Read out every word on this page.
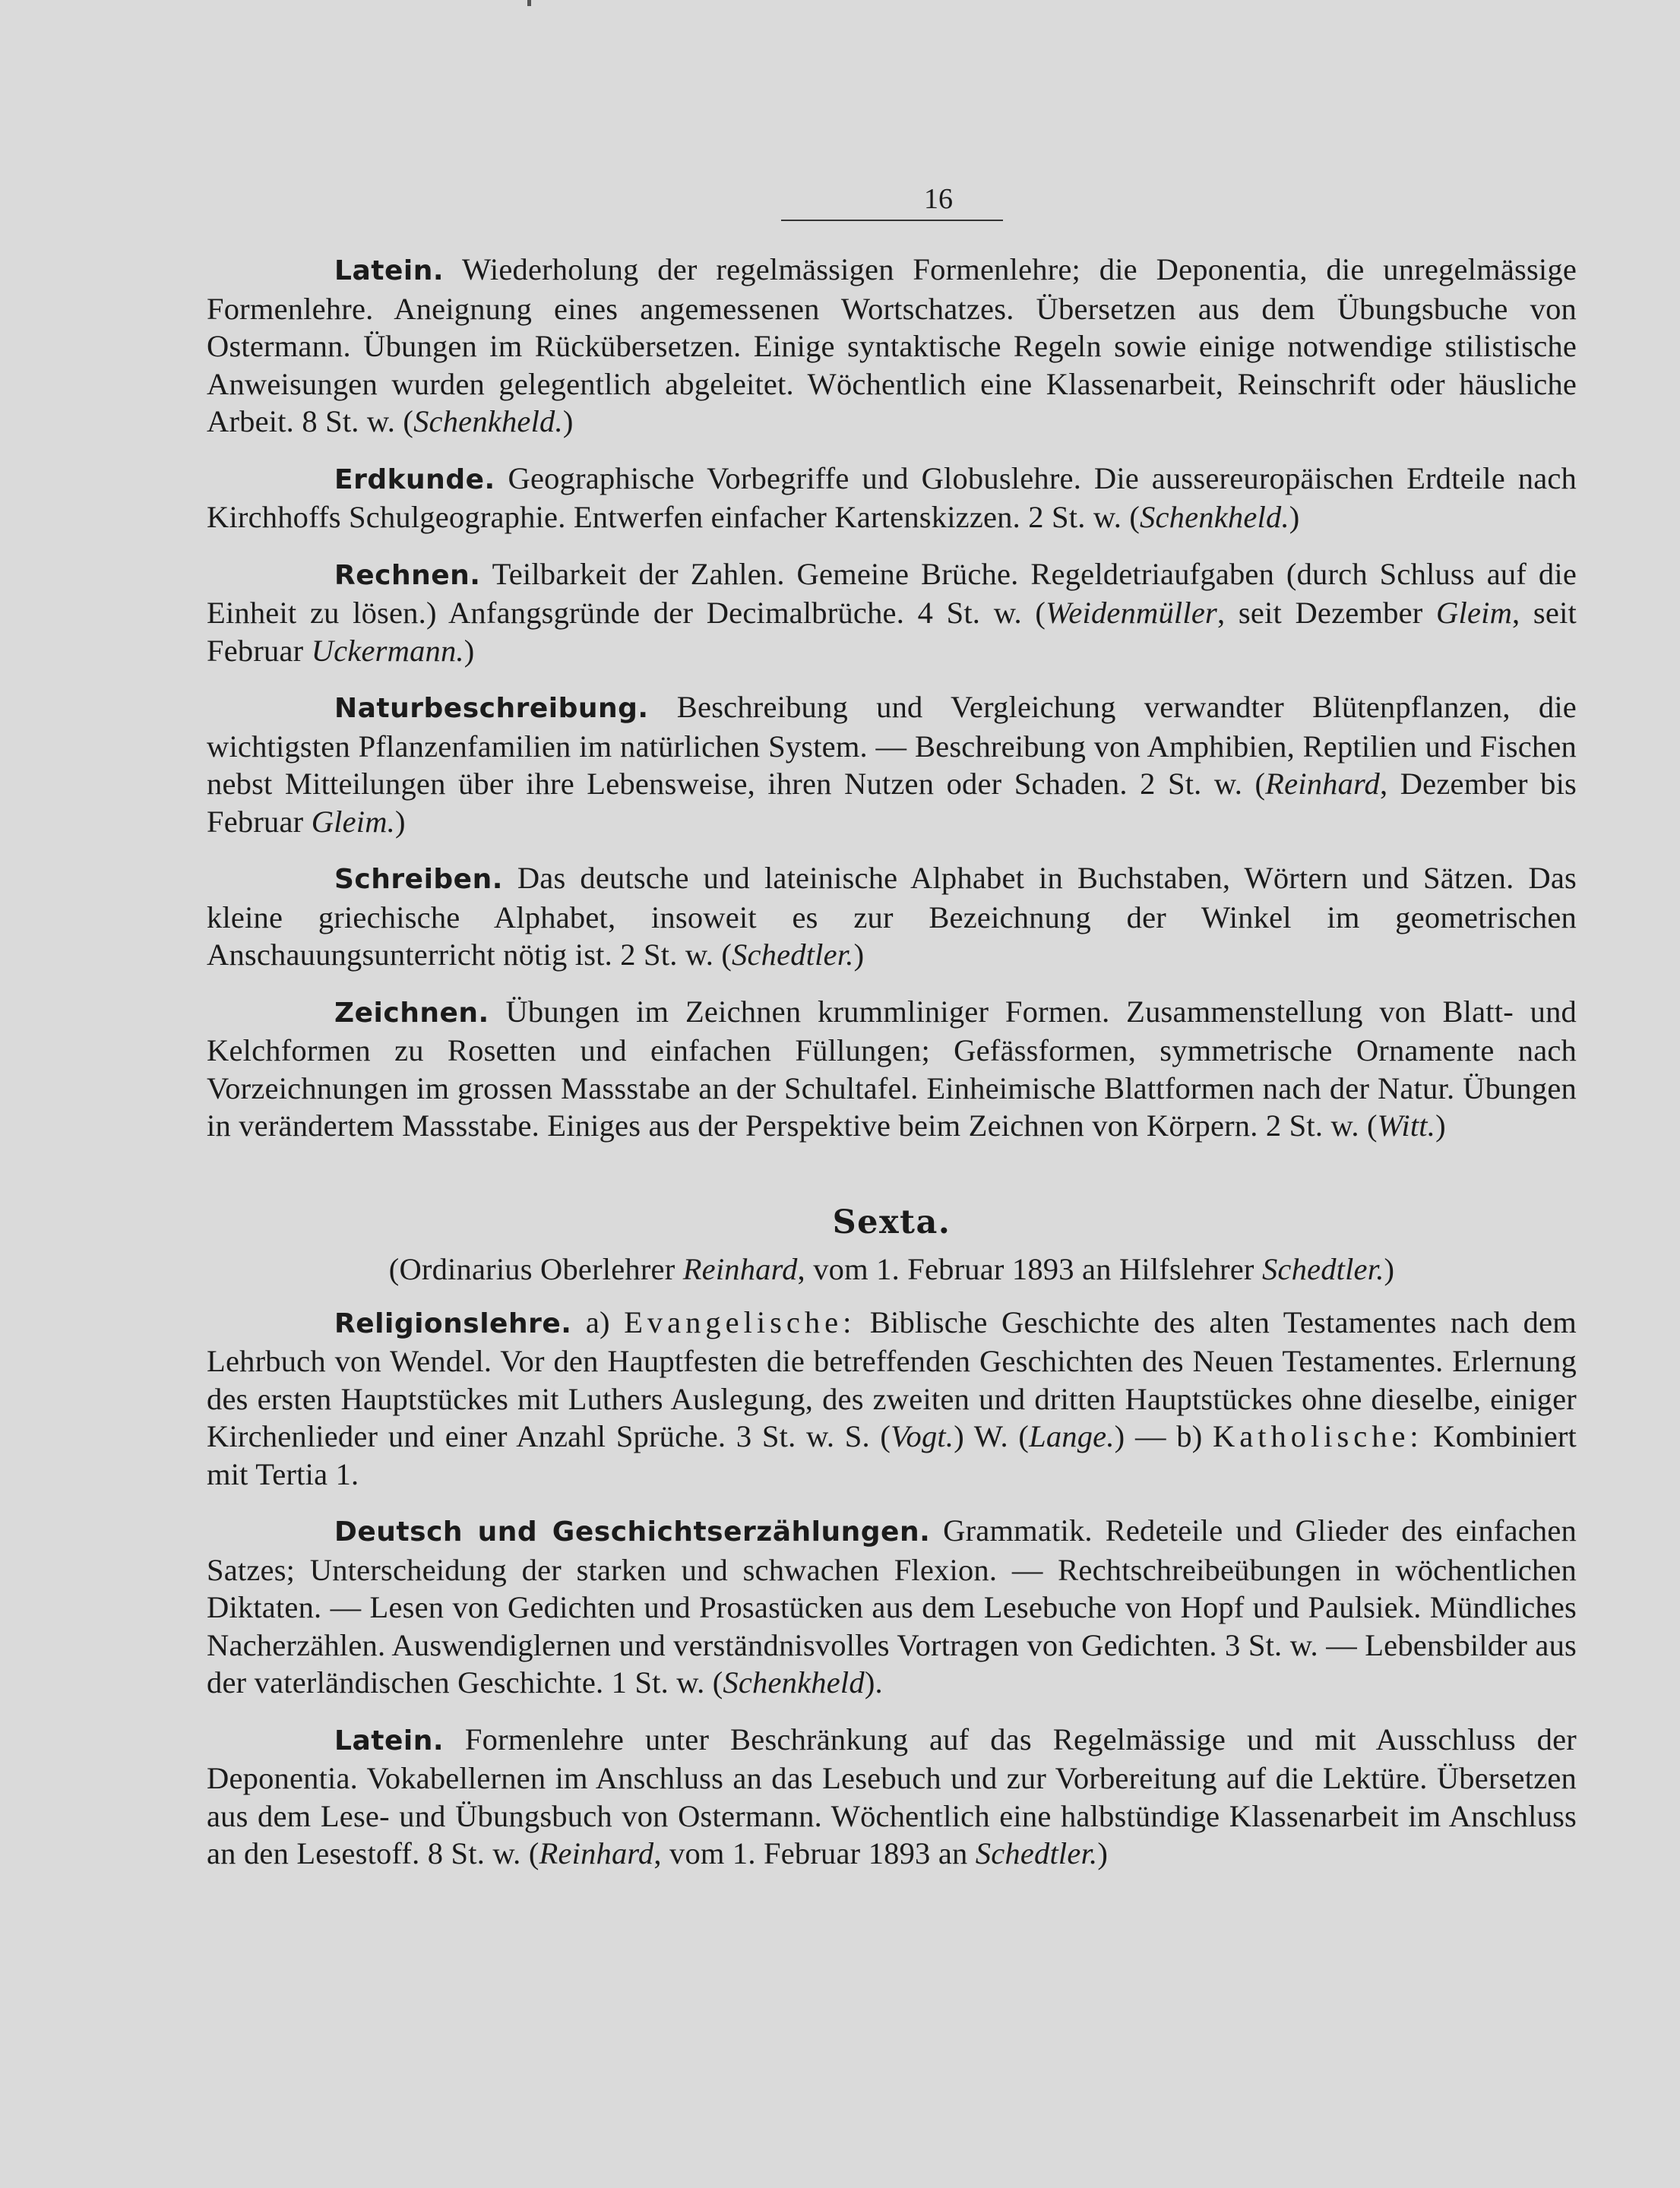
16

Latein. Wiederholung der regelmässigen Formenlehre; die Deponentia, die unregelmässige Formenlehre. Aneignung eines angemessenen Wortschatzes. Übersetzen aus dem Übungsbuche von Ostermann. Übungen im Rückübersetzen. Einige syntaktische Regeln sowie einige notwendige stilistische Anweisungen wurden gelegentlich abgeleitet. Wöchentlich eine Klassenarbeit, Reinschrift oder häusliche Arbeit. 8 St. w. (Schenkheld.)

Erdkunde. Geographische Vorbegriffe und Globuslehre. Die aussereuropäischen Erdteile nach Kirchhoffs Schulgeographie. Entwerfen einfacher Kartenskizzen. 2 St. w. (Schenkheld.)

Rechnen. Teilbarkeit der Zahlen. Gemeine Brüche. Regeldetriaufgaben (durch Schluss auf die Einheit zu lösen.) Anfangsgründe der Decimalbrüche. 4 St. w. (Weidenmüller, seit Dezember Gleim, seit Februar Uckermann.)

Naturbeschreibung. Beschreibung und Vergleichung verwandter Blütenpflanzen, die wichtigsten Pflanzenfamilien im natürlichen System. — Beschreibung von Amphibien, Reptilien und Fischen nebst Mitteilungen über ihre Lebensweise, ihren Nutzen oder Schaden. 2 St. w. (Reinhard, Dezember bis Februar Gleim.)

Schreiben. Das deutsche und lateinische Alphabet in Buchstaben, Wörtern und Sätzen. Das kleine griechische Alphabet, insoweit es zur Bezeichnung der Winkel im geometrischen Anschauungsunterricht nötig ist. 2 St. w. (Schedtler.)

Zeichnen. Übungen im Zeichnen krummliniger Formen. Zusammenstellung von Blatt- und Kelchformen zu Rosetten und einfachen Füllungen; Gefässformen, symmetrische Ornamente nach Vorzeichnungen im grossen Massstabe an der Schultafel. Einheimische Blattformen nach der Natur. Übungen in verändertem Massstabe. Einiges aus der Perspektive beim Zeichnen von Körpern. 2 St. w. (Witt.)

Sexta.

(Ordinarius Oberlehrer Reinhard, vom 1. Februar 1893 an Hilfslehrer Schedtler.)

Religionslehre. a) Evangelische: Biblische Geschichte des alten Testamentes nach dem Lehrbuch von Wendel. Vor den Hauptfesten die betreffenden Geschichten des Neuen Testamentes. Erlernung des ersten Hauptstückes mit Luthers Auslegung, des zweiten und dritten Hauptstückes ohne dieselbe, einiger Kirchenlieder und einer Anzahl Sprüche. 3 St. w. S. (Vogt.) W. (Lange.) — b) Katholische: Kombiniert mit Tertia 1.

Deutsch und Geschichtserzählungen. Grammatik. Redeteile und Glieder des einfachen Satzes; Unterscheidung der starken und schwachen Flexion. — Rechtschreibeübungen in wöchentlichen Diktaten. — Lesen von Gedichten und Prosastücken aus dem Lesebuche von Hopf und Paulsiek. Mündliches Nacherzählen. Auswendiglernen und verständnisvolles Vortragen von Gedichten. 3 St. w. — Lebensbilder aus der vaterländischen Geschichte. 1 St. w. (Schenkheld).

Latein. Formenlehre unter Beschränkung auf das Regelmässige und mit Ausschluss der Deponentia. Vokabellernen im Anschluss an das Lesebuch und zur Vorbereitung auf die Lektüre. Übersetzen aus dem Lese- und Übungsbuch von Ostermann. Wöchentlich eine halbstündige Klassenarbeit im Anschluss an den Lesestoff. 8 St. w. (Reinhard, vom 1. Februar 1893 an Schedtler.)
